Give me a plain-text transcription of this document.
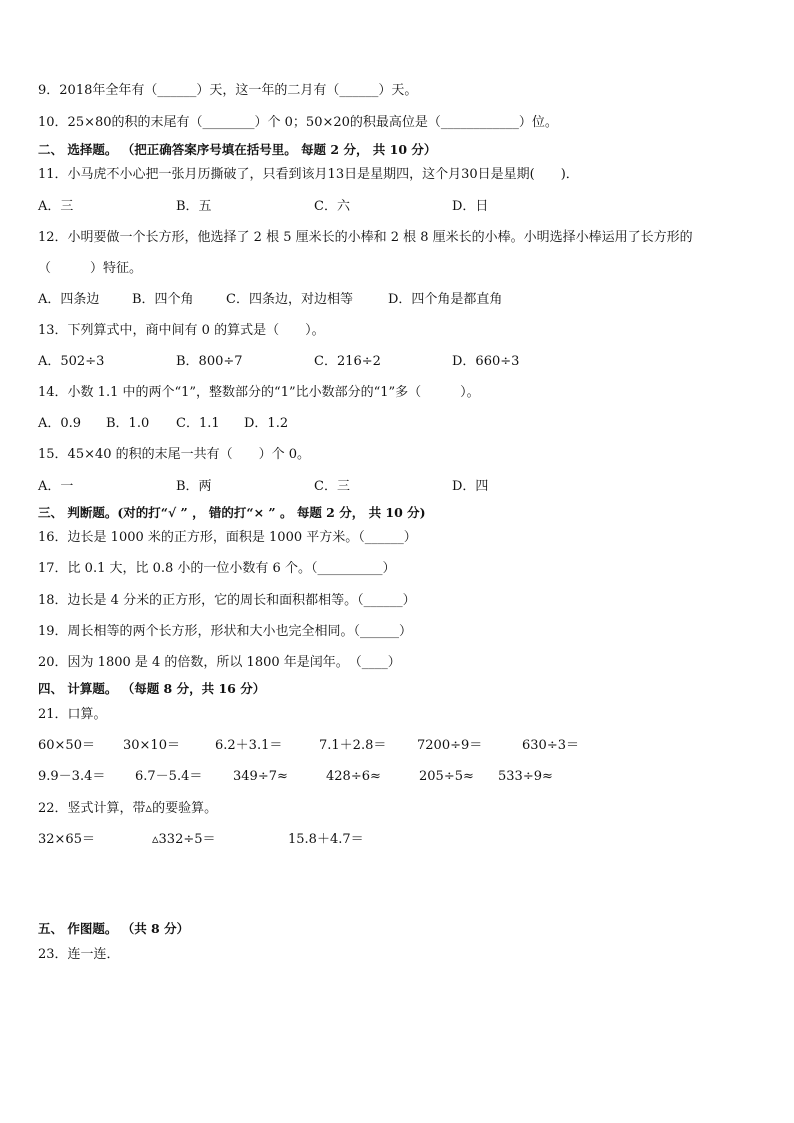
9．2018年全年有（______）天，这一年的二月有（______）天。
10．25×80的积的末尾有（________）个 0；50×20的积最高位是（____________）位。
二、 选择题。 （把正确答案序号填在括号里。 每题 2 分， 共 10 分）
11．小马虎不小心把一张月历撕破了，只看到该月13日是星期四，这个月30日是星期(　　)．
A．三	B．五	C．六	D．日
12．小明要做一个长方形，他选择了 2 根 5 厘米长的小棒和 2 根 8 厘米长的小棒。小明选择小棒运用了长方形的
（　　　）特征。
A．四条边	B．四个角 C．四条边，对边相等	D．四个角是都直角
13．下列算式中，商中间有 0 的算式是（　　）。
A．502÷3	B．800÷7	C．216÷2	D．660÷3
14．小数 1.1 中的两个“1”，整数部分的“1”比小数部分的“1”多（　　　）。
A．0.9 B．1.0 C．1.1 D．1.2
15．45×40 的积的末尾一共有（　　）个 0。
A．一	B．两	C．三	D．四
三、 判断题。(对的打“√ ” ， 错的打“× ” 。 每题 2 分， 共 10 分)
16．边长是 1000 米的正方形，面积是 1000 平方米。（______）
17．比 0.1 大，比 0.8 小的一位小数有 6 个。（__________）
18．边长是 4 分米的正方形，它的周长和面积都相等。（______）
19．周长相等的两个长方形，形状和大小也完全相同。（______）
20．因为 1800 是 4 的倍数，所以 1800 年是闰年。　（____）
四、 计算题。 （每题 8 分，共 16 分）
21．口算。
60×50＝ 30×10＝	6.2＋3.1＝	7.1＋2.8＝ 7200÷9＝	630÷3＝
9.9－3.4＝ 6.7－5.4＝ 349÷7≈	428÷6≈	205÷5≈ 533÷9≈
22．竖式计算，带▵的要验算。
32×65＝	▵332÷5＝	15.8＋4.7＝
五、 作图题。 （共 8 分）
23．连一连．
